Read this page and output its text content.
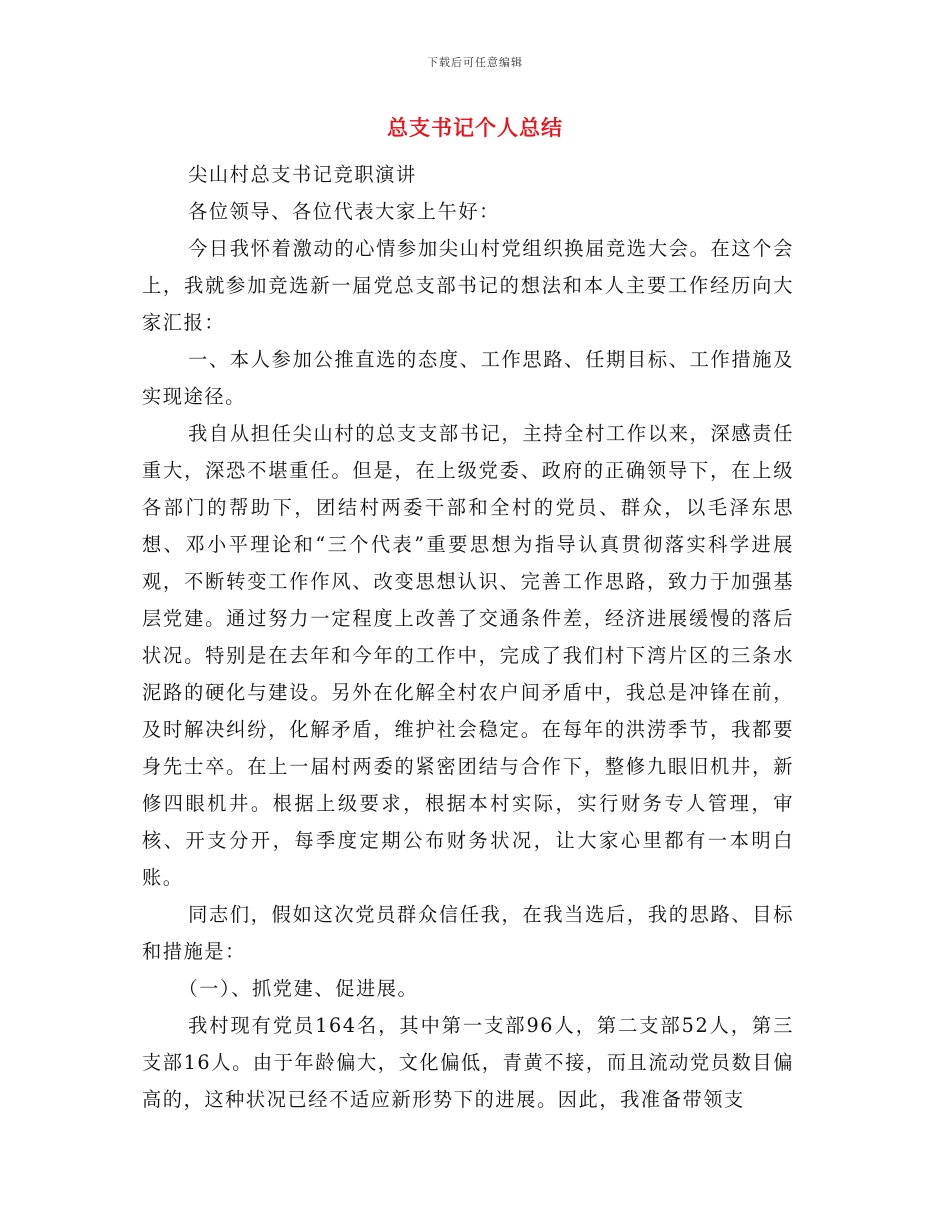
下载后可任意编辑
总支书记个人总结

尖山村总支书记竞职演讲

各位领导、各位代表大家上午好：

今日我怀着激动的心情参加尖山村党组织换届竞选大会。在这个会上，我就参加竞选新一届党总支部书记的想法和本人主要工作经历向大家汇报：

一、本人参加公推直选的态度、工作思路、任期目标、工作措施及实现途径。

我自从担任尖山村的总支支部书记，主持全村工作以来，深感责任重大，深恐不堪重任。但是，在上级党委、政府的正确领导下，在上级各部门的帮助下，团结村两委干部和全村的党员、群众，以毛泽东思想、邓小平理论和“三个代表”重要思想为指导认真贯彻落实科学进展观，不断转变工作作风、改变思想认识、完善工作思路，致力于加强基层党建。通过努力一定程度上改善了交通条件差，经济进展缓慢的落后状况。特别是在去年和今年的工作中，完成了我们村下湾片区的三条水泥路的硬化与建设。另外在化解全村农户间矛盾中，我总是冲锋在前，及时解决纠纷，化解矛盾，维护社会稳定。在每年的洪涝季节，我都要身先士卒。在上一届村两委的紧密团结与合作下，整修九眼旧机井，新修四眼机井。根据上级要求，根据本村实际，实行财务专人管理，审核、开支分开，每季度定期公布财务状况，让大家心里都有一本明白账。

同志们，假如这次党员群众信任我，在我当选后，我的思路、目标和措施是：

（一）、抓党建、促进展。

我村现有党员164名，其中第一支部96人，第二支部52人，第三支部16人。由于年龄偏大，文化偏低，青黄不接，而且流动党员数目偏高的，这种状况已经不适应新形势下的进展。因此，我准备带领支
